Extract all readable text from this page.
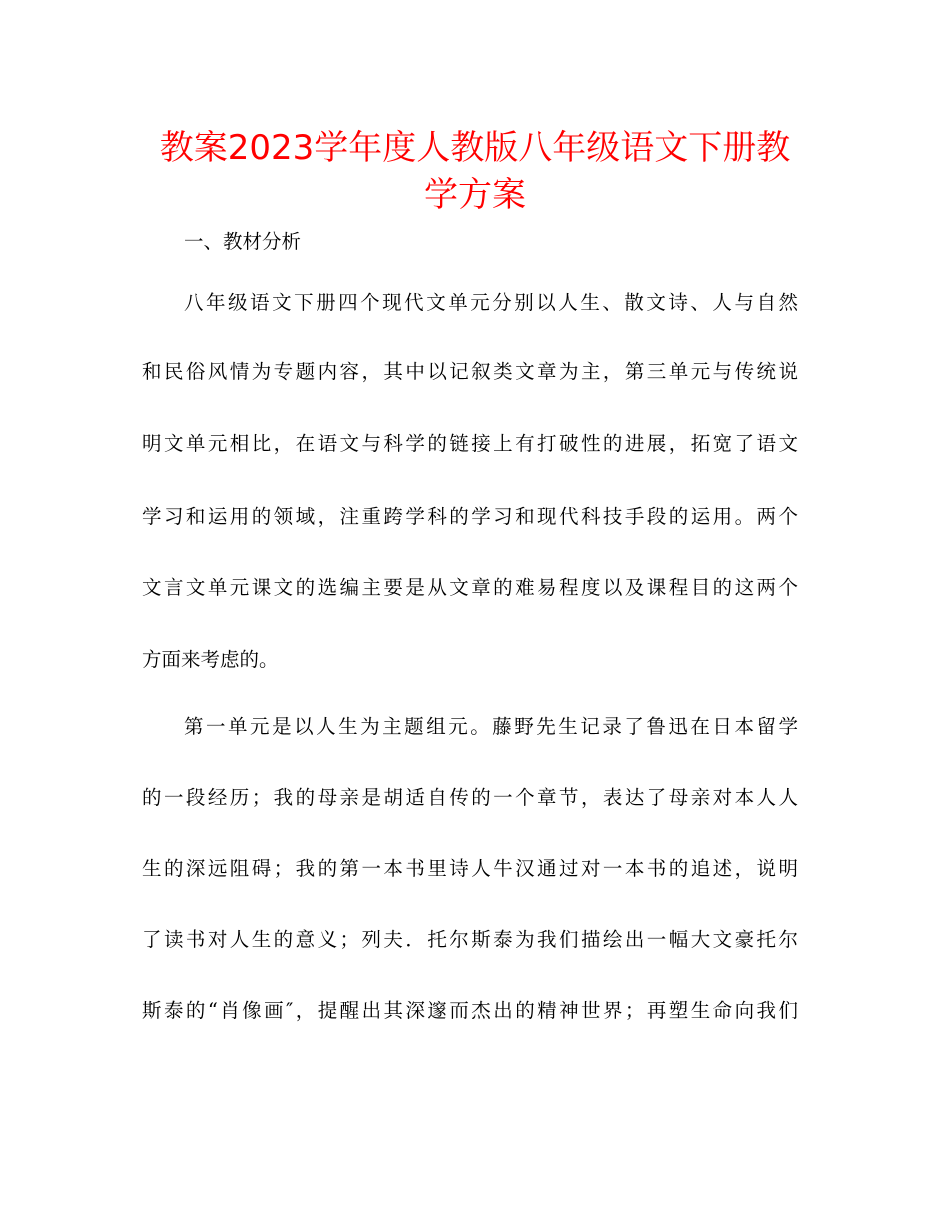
教案2023学年度人教版八年级语文下册教
学方案
一、教材分析
八年级语文下册四个现代文单元分别以人生、散文诗、人与自然
和民俗风情为专题内容，其中以记叙类文章为主，第三单元与传统说
明文单元相比，在语文与科学的链接上有打破性的进展，拓宽了语文
学习和运用的领域，注重跨学科的学习和现代科技手段的运用。两个
文言文单元课文的选编主要是从文章的难易程度以及课程目的这两个
方面来考虑的。
第一单元是以人生为主题组元。藤野先生记录了鲁迅在日本留学
的一段经历；我的母亲是胡适自传的一个章节，表达了母亲对本人人
生的深远阻碍；我的第一本书里诗人牛汉通过对一本书的追述，说明
了读书对人生的意义；列夫．托尔斯泰为我们描绘出一幅大文豪托尔
斯泰的“肖像画″，提醒出其深邃而杰出的精神世界；再塑生命向我们
